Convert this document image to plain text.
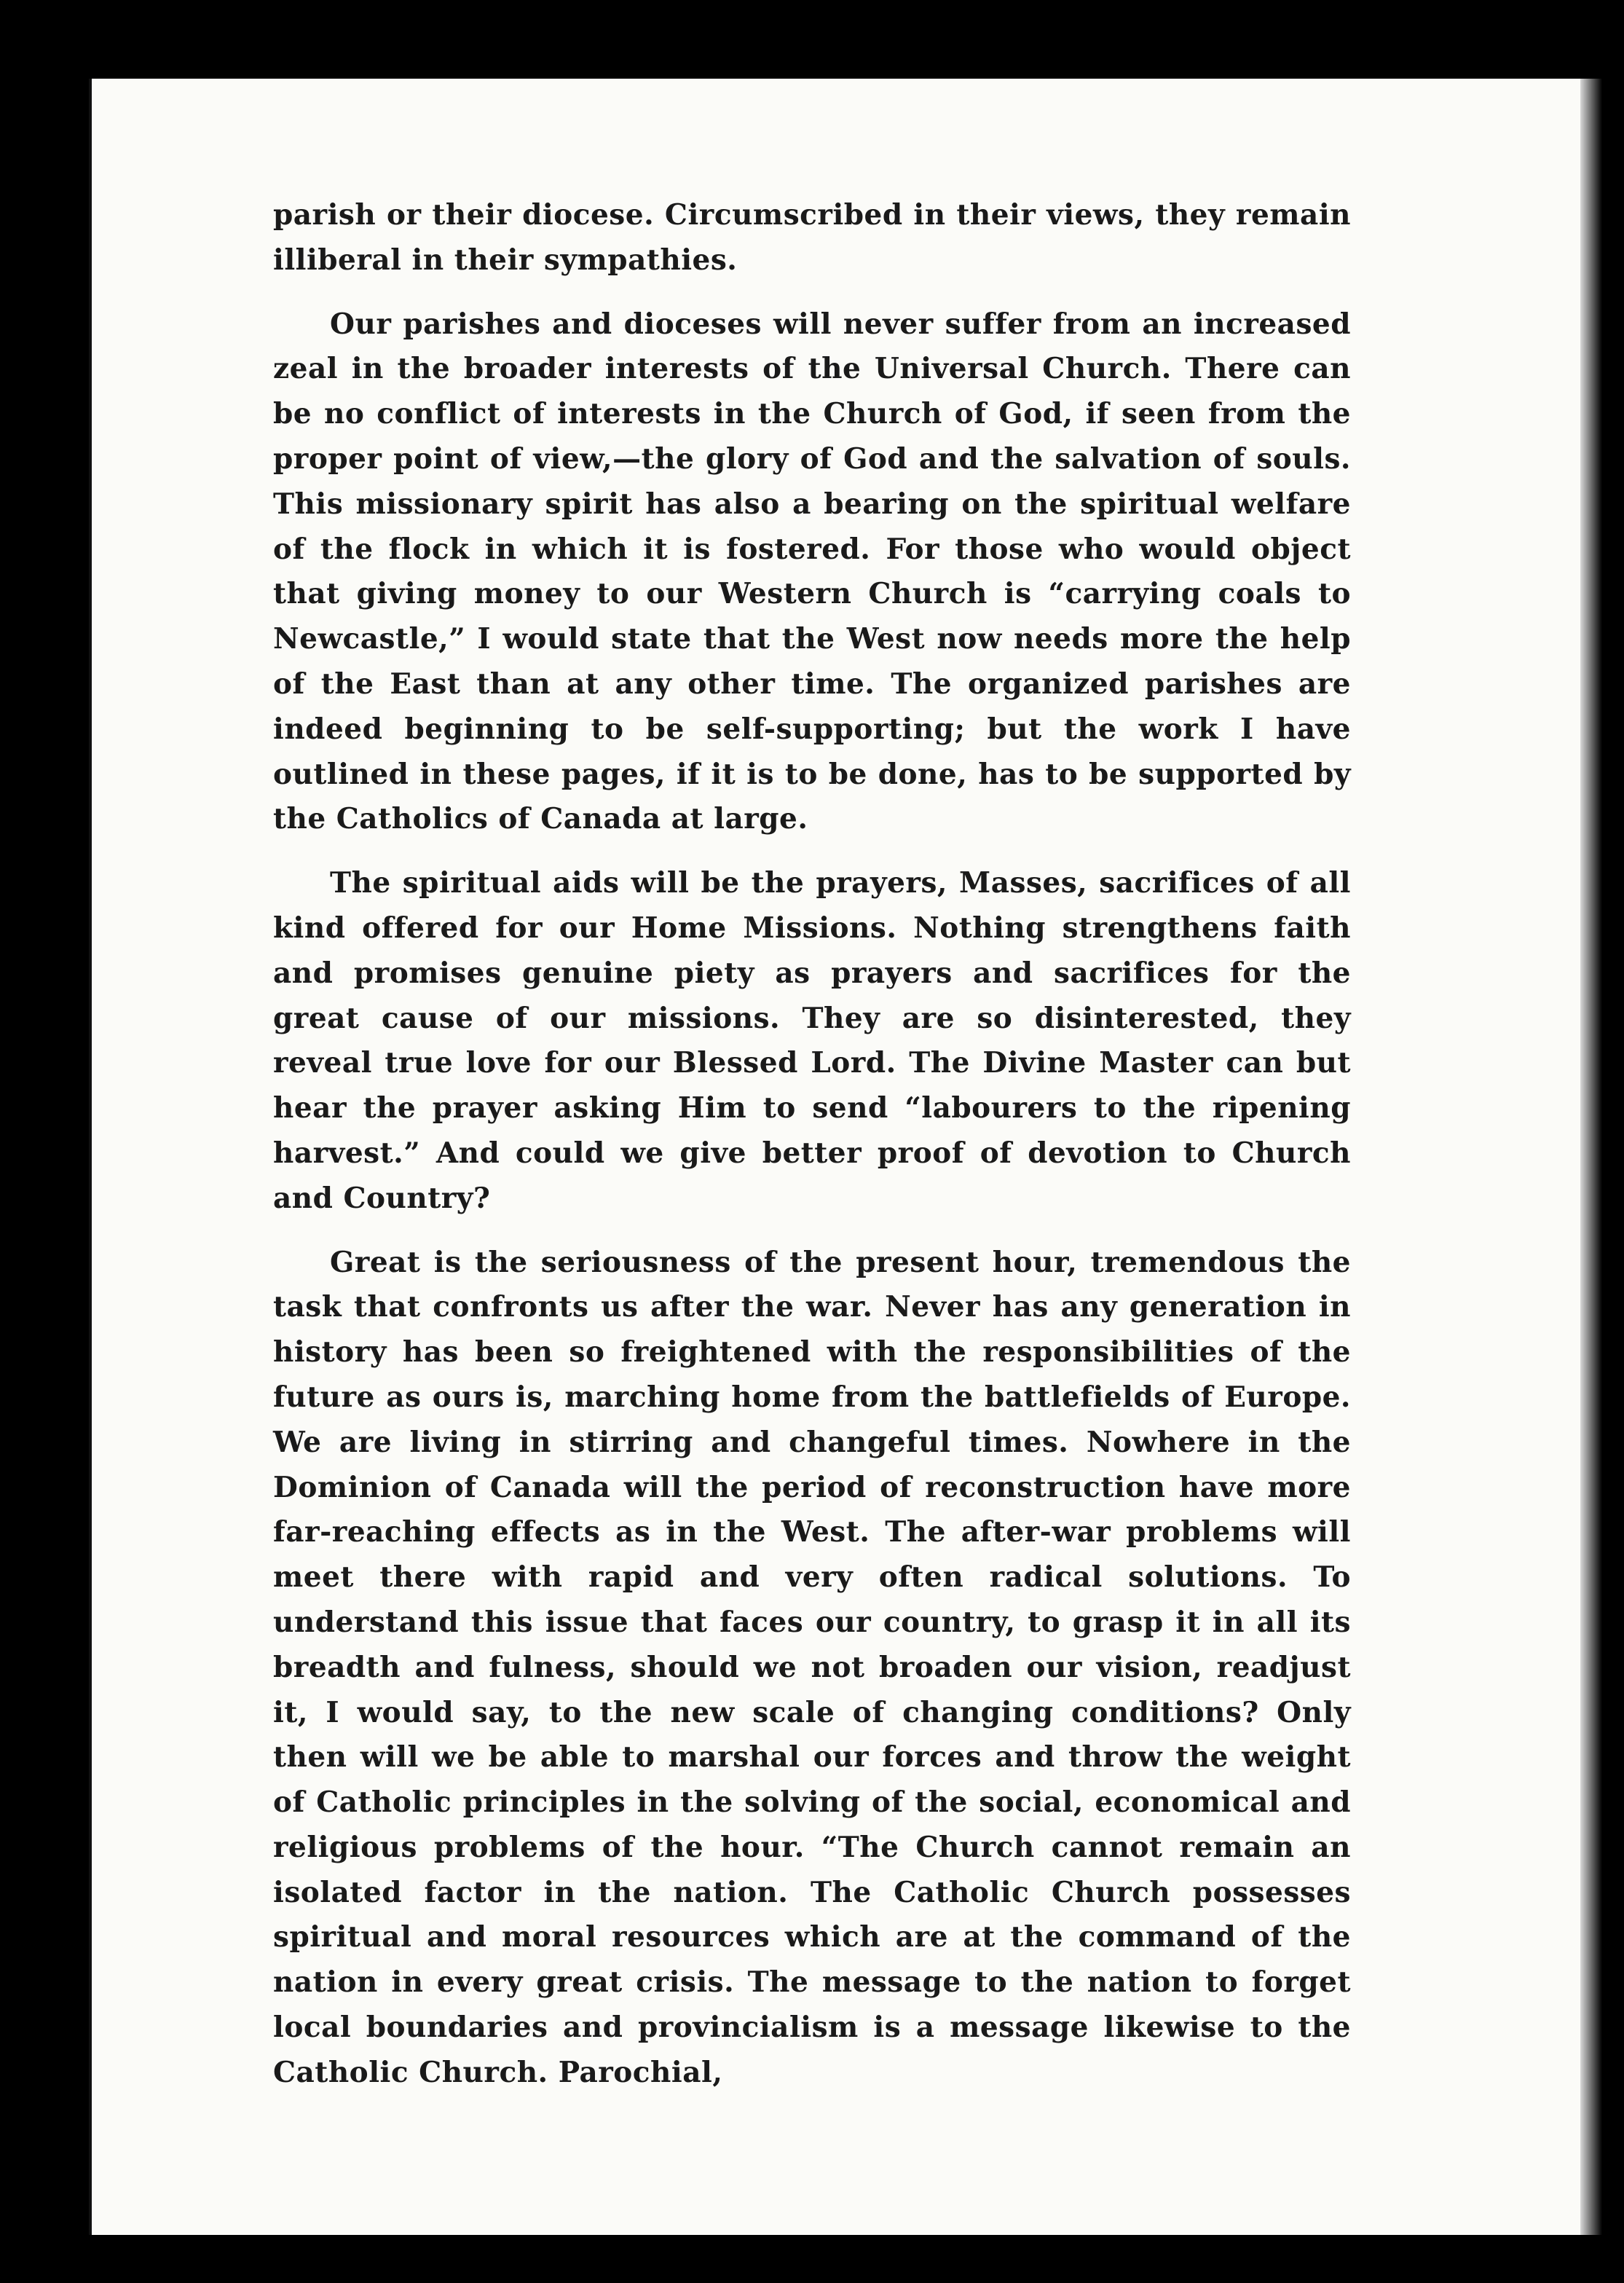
parish or their diocese. Circumscribed in their views, they remain illiberal in their sympathies.

Our parishes and dioceses will never suffer from an increased zeal in the broader interests of the Universal Church. There can be no conflict of interests in the Church of God, if seen from the proper point of view,—the glory of God and the salvation of souls. This missionary spirit has also a bearing on the spiritual welfare of the flock in which it is fostered. For those who would object that giving money to our Western Church is “carrying coals to Newcastle,” I would state that the West now needs more the help of the East than at any other time. The organized parishes are indeed beginning to be self-supporting; but the work I have outlined in these pages, if it is to be done, has to be supported by the Catholics of Canada at large.

The spiritual aids will be the prayers, Masses, sacrifices of all kind offered for our Home Missions. Nothing strengthens faith and promises genuine piety as prayers and sacrifices for the great cause of our missions. They are so disinterested, they reveal true love for our Blessed Lord. The Divine Master can but hear the prayer asking Him to send “labourers to the ripening harvest.” And could we give better proof of devotion to Church and Country?

Great is the seriousness of the present hour, tremendous the task that confronts us after the war. Never has any generation in history has been so freightened with the responsibilities of the future as ours is, marching home from the battlefields of Europe. We are living in stirring and changeful times. Nowhere in the Dominion of Canada will the period of reconstruction have more far-reaching effects as in the West. The after-war problems will meet there with rapid and very often radical solutions. To understand this issue that faces our country, to grasp it in all its breadth and fulness, should we not broaden our vision, readjust it, I would say, to the new scale of changing conditions? Only then will we be able to marshal our forces and throw the weight of Catholic principles in the solving of the social, economical and religious problems of the hour. “The Church cannot remain an isolated factor in the nation. The Catholic Church possesses spiritual and moral resources which are at the command of the nation in every great crisis. The message to the nation to forget local boundaries and provincialism is a message likewise to the Catholic Church. Parochial,
